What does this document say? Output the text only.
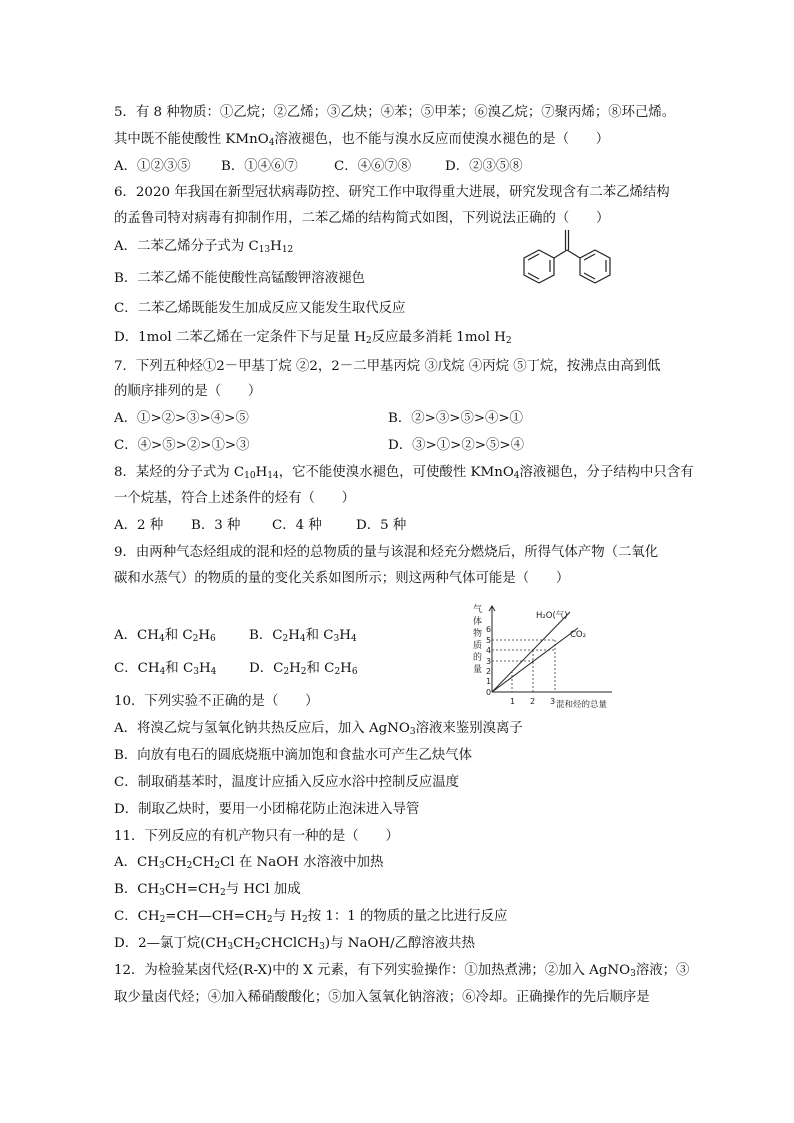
5．有 8 种物质：①乙烷；②乙烯；③乙炔；④苯；⑤甲苯；⑥溴乙烷；⑦聚丙烯；⑧环己烯。
其中既不能使酸性 KMnO$_4$溶液褪色，也不能与溴水反应而使溴水褪色的是（　　）
A．①②③⑤ B．①④⑥⑦	C．④⑥⑦⑧	D．②③⑤⑧
6．2020 年我国在新型冠状病毒防控、研究工作中取得重大进展，研究发现含有二苯乙烯结构
的孟鲁司特对病毒有抑制作用，二苯乙烯的结构简式如图，下列说法正确的（　　）
A．二苯乙烯分子式为 $C_{13}H_{12}$
B．二苯乙烯不能使酸性高锰酸钾溶液褪色
C．二苯乙烯既能发生加成反应又能发生取代反应
D．1mol 二苯乙烯在一定条件下与足量 $H_2$反应最多消耗 1mol $H_2$
7．下列五种烃①2－甲基丁烷 ②2，2－二甲基丙烷 ③戊烷 ④丙烷 ⑤丁烷，按沸点由高到低
的顺序排列的是（　　）
A．①>②>③>④>⑤	B．②>③>⑤>④>①
C．④>⑤>②>①>③	D．③>①>②>⑤>④
8．某烃的分子式为 $C_{10}H_{14}$，它不能使溴水褪色，可使酸性 KMnO$_4$溶液褪色，分子结构中只含有
一个烷基，符合上述条件的烃有（　　）
A．2 种 B．3 种 C．4 种	D．5 种
9．由两种气态烃组成的混和烃的总物质的量与该混和烃充分燃烧后，所得气体产物（二氧化
碳和水蒸气）的物质的量的变化关系如图所示；则这两种气体可能是（　　）
A．$CH_4$和 $C_2H_6$ B．$C_2H_4$和 $C_3H_4$
C．$CH_4$和 $C_3H_4$ D．$C_2H_2$和 $C_2H_6$
气
体
物
质
的
量
6
5
4
3
2
1
0
1 2 3 混和烃的总量
H₂O(气)
CO₂
10．下列实验不正确的是（　　）
A．将溴乙烷与氢氧化钠共热反应后，加入 AgNO$_3$溶液来鉴别溴离子
B．向放有电石的圆底烧瓶中滴加饱和食盐水可产生乙炔气体
C．制取硝基苯时，温度计应插入反应水浴中控制反应温度
D．制取乙炔时，要用一小团棉花防止泡沫进入导管
11．下列反应的有机产物只有一种的是（　　）
A．$CH_3CH_2CH_2Cl$ 在 NaOH 水溶液中加热
B．$CH_3CH=CH_2$与 HCl 加成
C．$CH_2=CH—CH=CH_2$与 $H_2$按 1：1 的物质的量之比进行反应
D．2—氯丁烷$(CH_3CH_2CHClCH_3)$与 NaOH/乙醇溶液共热
12．为检验某卤代烃(R-X)中的 X 元素，有下列实验操作：①加热煮沸；②加入 AgNO$_3$溶液；③
取少量卤代烃；④加入稀硝酸酸化；⑤加入氢氧化钠溶液；⑥冷却。正确操作的先后顺序是
